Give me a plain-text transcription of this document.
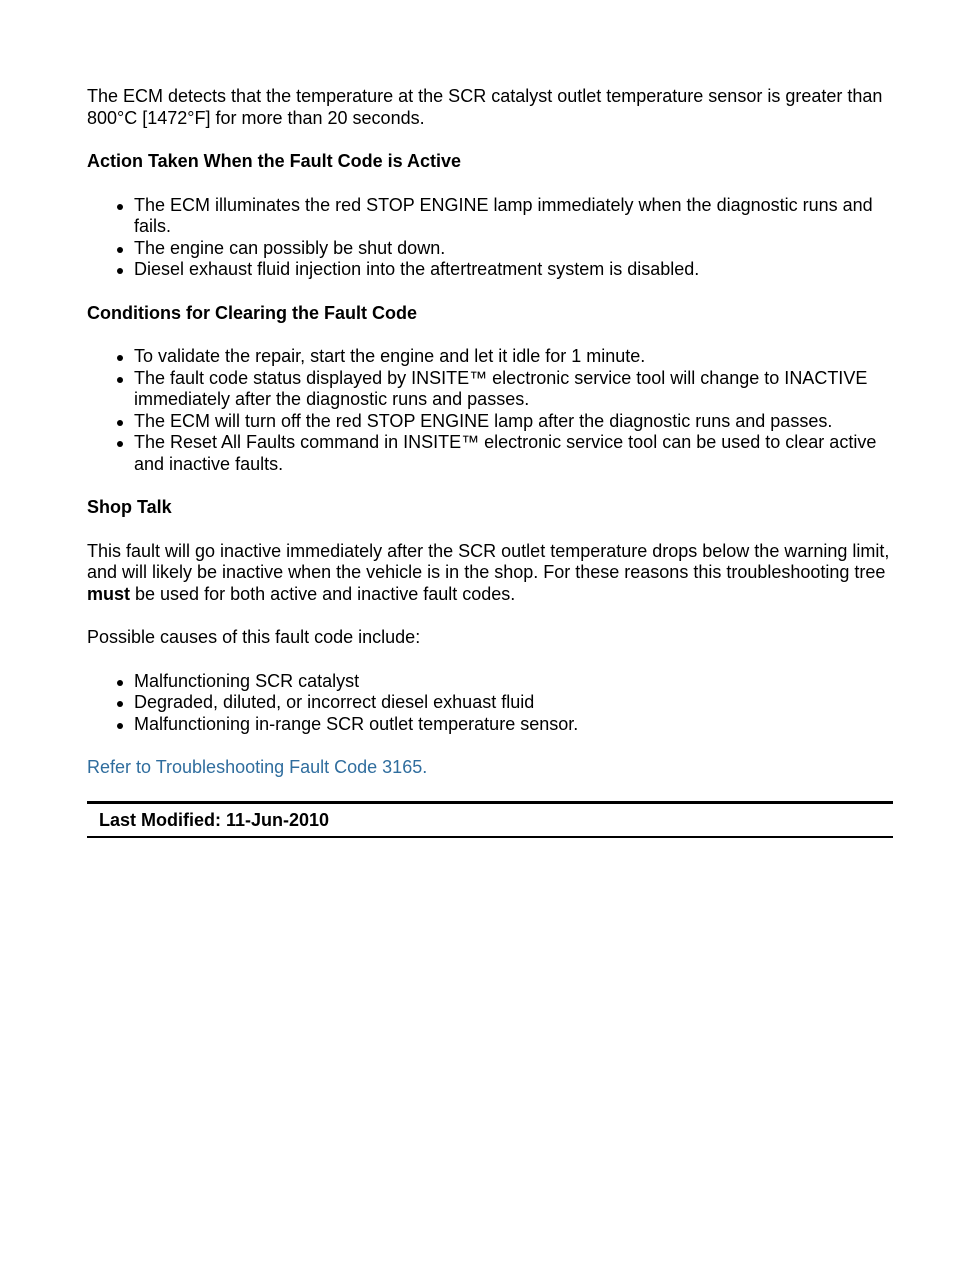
The ECM detects that the temperature at the SCR catalyst outlet temperature sensor is greater than 800°C [1472°F] for more than 20 seconds.

Action Taken When the Fault Code is Active

The ECM illuminates the red STOP ENGINE lamp immediately when the diagnostic runs and fails.
The engine can possibly be shut down.
Diesel exhaust fluid injection into the aftertreatment system is disabled.

Conditions for Clearing the Fault Code

To validate the repair, start the engine and let it idle for 1 minute.
The fault code status displayed by INSITE™ electronic service tool will change to INACTIVE immediately after the diagnostic runs and passes.
The ECM will turn off the red STOP ENGINE lamp after the diagnostic runs and passes.
The Reset All Faults command in INSITE™ electronic service tool can be used to clear active and inactive faults.

Shop Talk

This fault will go inactive immediately after the SCR outlet temperature drops below the warning limit, and will likely be inactive when the vehicle is in the shop. For these reasons this troubleshooting tree must be used for both active and inactive fault codes.

Possible causes of this fault code include:

Malfunctioning SCR catalyst
Degraded, diluted, or incorrect diesel exhuast fluid
Malfunctioning in-range SCR outlet temperature sensor.
Refer to Troubleshooting Fault Code 3165.
Last Modified: 11-Jun-2010
